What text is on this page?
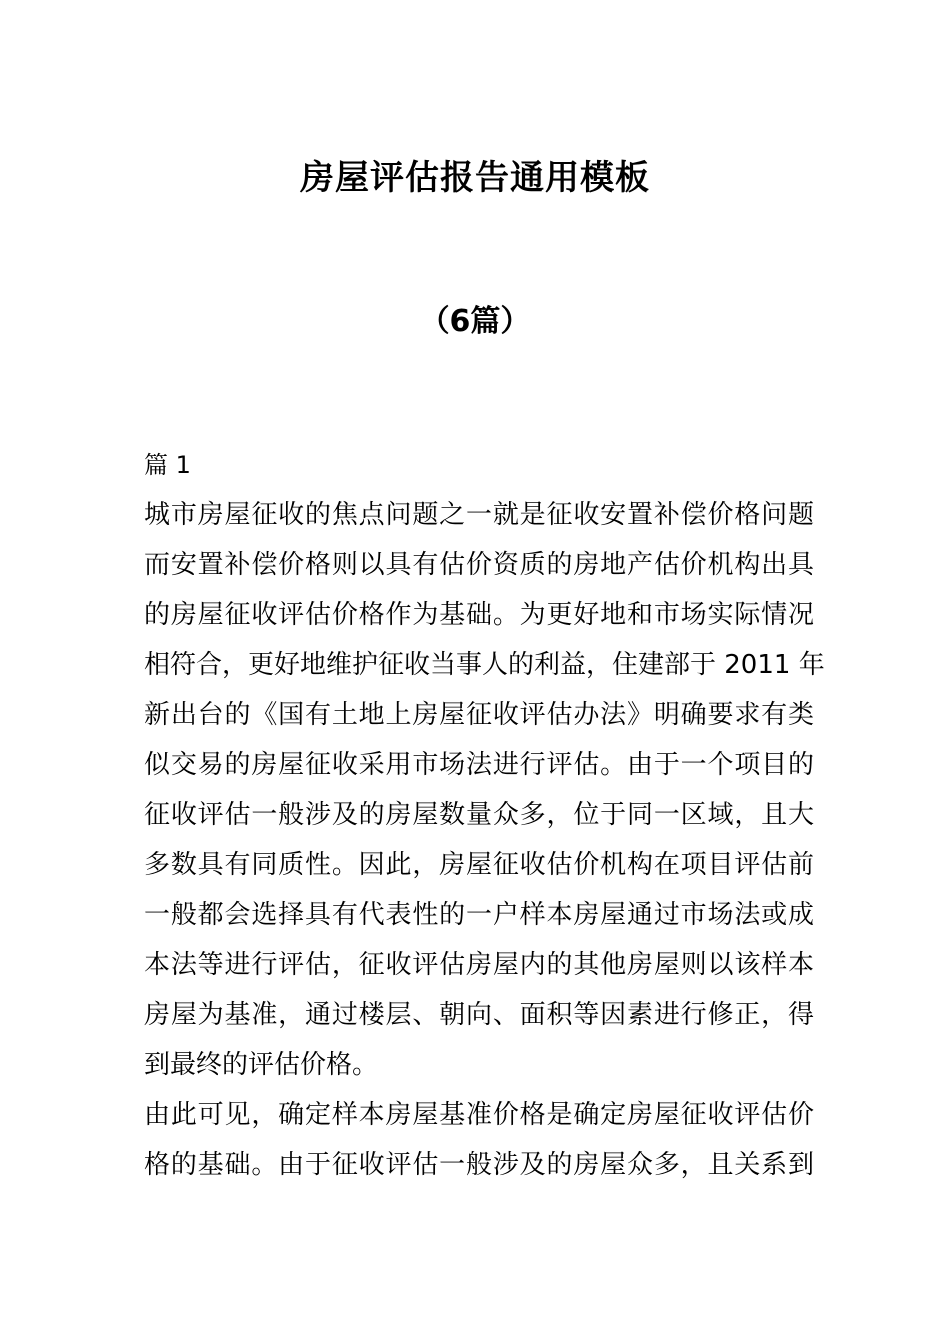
房屋评估报告通用模板
（6篇）
篇 1
城市房屋征收的焦点问题之一就是征收安置补偿价格问题
而安置补偿价格则以具有估价资质的房地产估价机构出具
的房屋征收评估价格作为基础。为更好地和市场实际情况
相符合，更好地维护征收当事人的利益，住建部于 2011 年
新出台的《国有土地上房屋征收评估办法》明确要求有类
似交易的房屋征收采用市场法进行评估。由于一个项目的
征收评估一般涉及的房屋数量众多，位于同一区域，且大
多数具有同质性。因此，房屋征收估价机构在项目评估前
一般都会选择具有代表性的一户样本房屋通过市场法或成
本法等进行评估，征收评估房屋内的其他房屋则以该样本
房屋为基准，通过楼层、朝向、面积等因素进行修正，得
到最终的评估价格。
由此可见，确定样本房屋基准价格是确定房屋征收评估价
格的基础。由于征收评估一般涉及的房屋众多，且关系到
